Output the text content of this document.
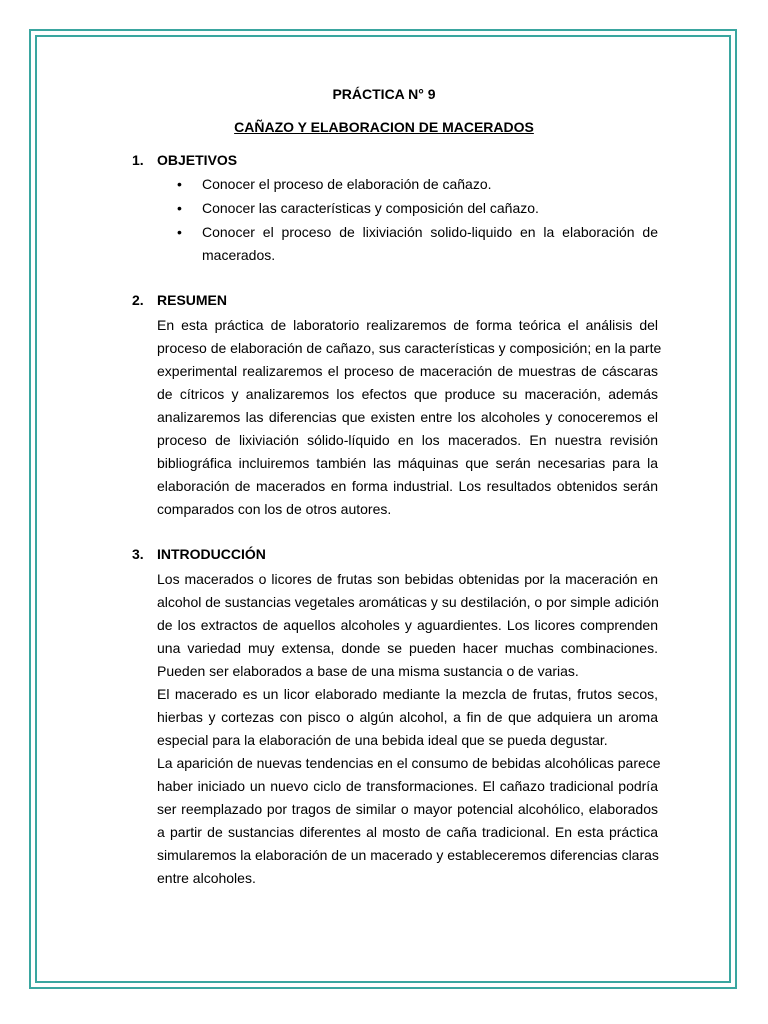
PRÁCTICA N° 9
CAÑAZO Y ELABORACION DE MACERADOS
1. OBJETIVOS
• Conocer el proceso de elaboración de cañazo.
• Conocer las características y composición del cañazo.
• Conocer el proceso de lixiviación solido-liquido en la elaboración de macerados.
2. RESUMEN
En esta práctica de laboratorio realizaremos de forma teórica el análisis del
proceso de elaboración de cañazo, sus características y composición; en la parte
experimental realizaremos el proceso de maceración de muestras de cáscaras
de cítricos y analizaremos los efectos que produce su maceración, además
analizaremos las diferencias que existen entre los alcoholes y conoceremos el
proceso de lixiviación sólido-líquido en los macerados. En nuestra revisión
bibliográfica incluiremos también las máquinas que serán necesarias para la
elaboración de macerados en forma industrial. Los resultados obtenidos serán
comparados con los de otros autores.
3. INTRODUCCIÓN
Los macerados o licores de frutas son bebidas obtenidas por la maceración en
alcohol de sustancias vegetales aromáticas y su destilación, o por simple adición
de los extractos de aquellos alcoholes y aguardientes. Los licores comprenden
una variedad muy extensa, donde se pueden hacer muchas combinaciones.
Pueden ser elaborados a base de una misma sustancia o de varias.
El macerado es un licor elaborado mediante la mezcla de frutas, frutos secos,
hierbas y cortezas con pisco o algún alcohol, a fin de que adquiera un aroma
especial para la elaboración de una bebida ideal que se pueda degustar.
La aparición de nuevas tendencias en el consumo de bebidas alcohólicas parece
haber iniciado un nuevo ciclo de transformaciones. El cañazo tradicional podría
ser reemplazado por tragos de similar o mayor potencial alcohólico, elaborados
a partir de sustancias diferentes al mosto de caña tradicional. En esta práctica
simularemos la elaboración de un macerado y estableceremos diferencias claras
entre alcoholes.
